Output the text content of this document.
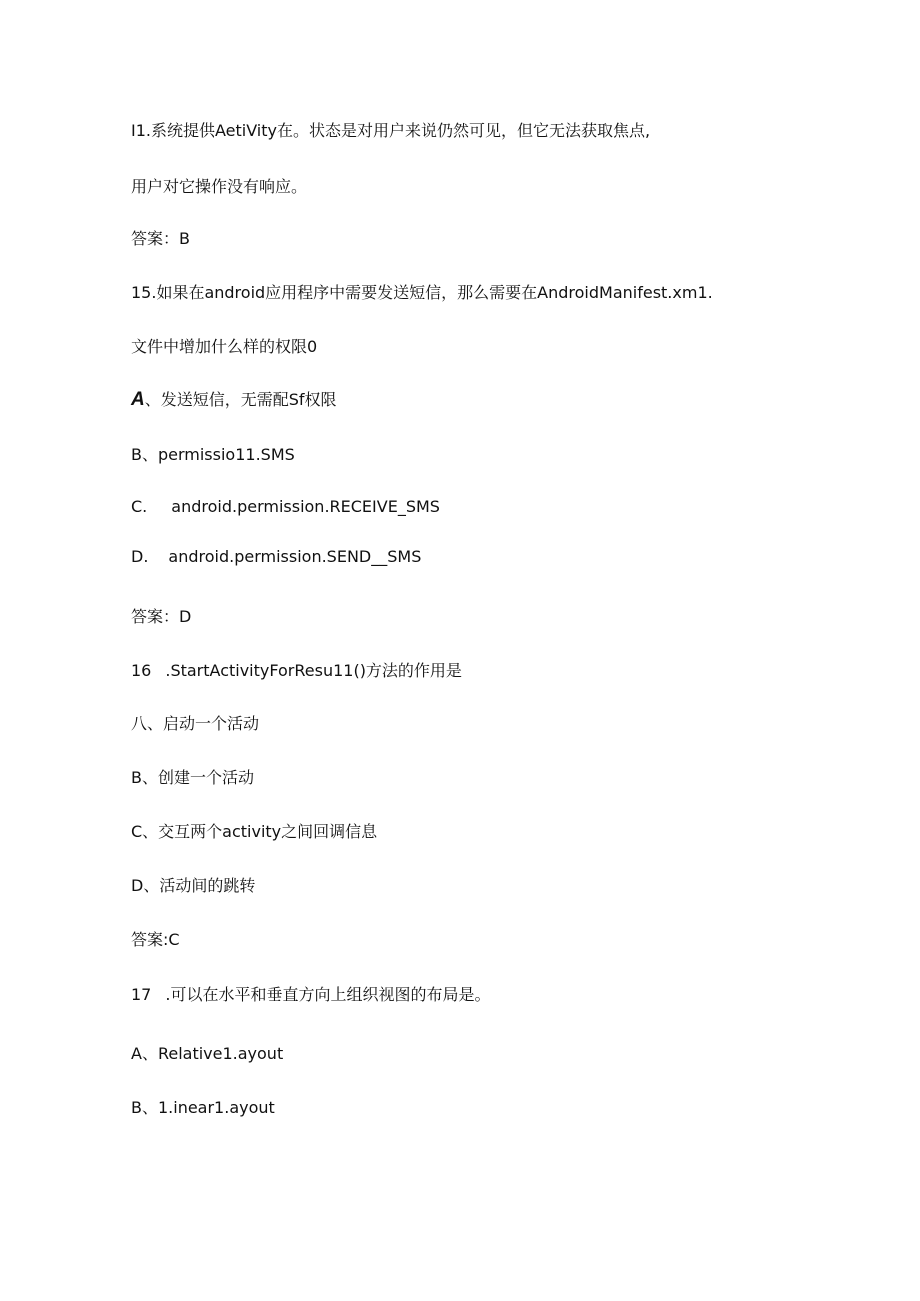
I1.系统提供AetiVity在。状态是对用户来说仍然可见，但它无法获取焦点,
用户对它操作没有响应。
答案：B
15.如果在android应用程序中需要发送短信，那么需要在AndroidManifest.xm1.
文件中增加什么样的权限0
A、发送短信，无需配Sf权限
B、permissio11.SMS
C. android.permission.RECEIVE_SMS
D. android.permission.SEND__SMS
答案：D
16 .StartActivityForResu11()方法的作用是
八、启动一个活动
B、创建一个活动
C、交互两个activity之间回调信息
D、活动间的跳转
答案:C
17 .可以在水平和垂直方向上组织视图的布局是。
A、Relative1.ayout
B、1.inear1.ayout
